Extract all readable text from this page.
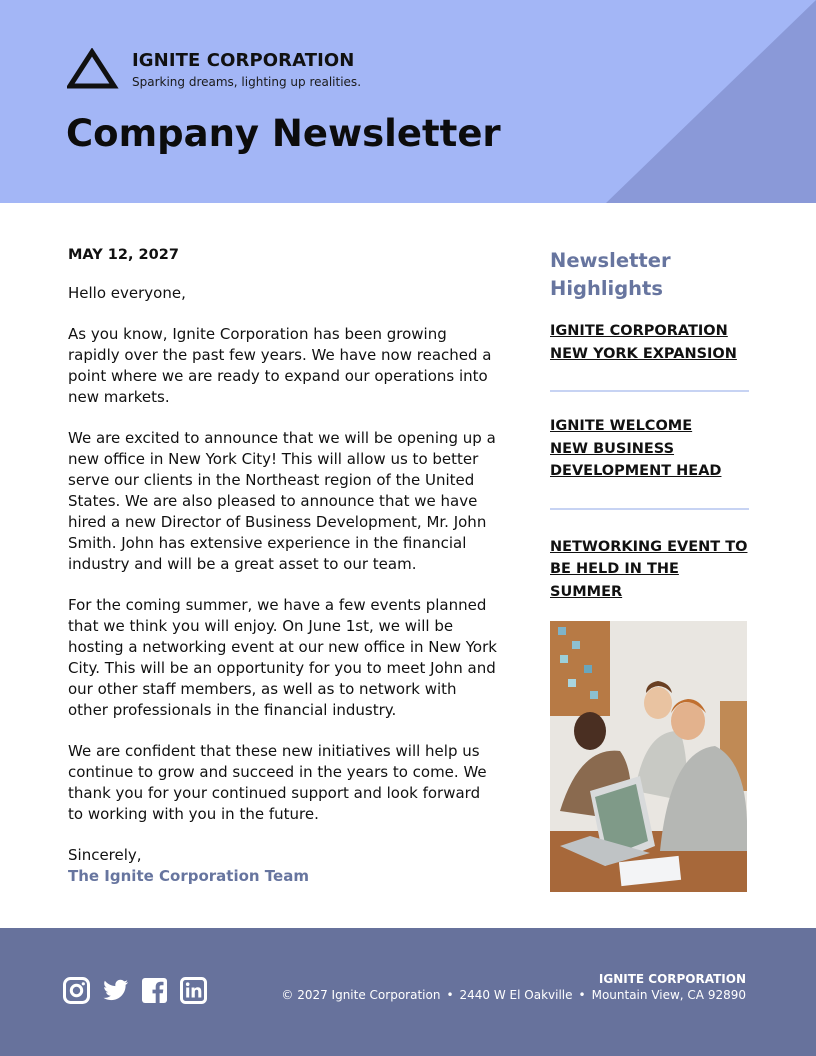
IGNITE CORPORATION
Sparking dreams, lighting up realities.
Company Newsletter
MAY 12, 2027

Hello everyone,

As you know, Ignite Corporation has been growing rapidly over the past few years. We have now reached a point where we are ready to expand our operations into new markets.

We are excited to announce that we will be opening up a new office in New York City! This will allow us to better serve our clients in the Northeast region of the United States. We are also pleased to announce that we have hired a new Director of Business Development, Mr. John Smith. John has extensive experience in the financial industry and will be a great asset to our team.

For the coming summer, we have a few events planned that we think you will enjoy. On June 1st, we will be hosting a networking event at our new office in New York City. This will be an opportunity for you to meet John and our other staff members, as well as to network with other professionals in the financial industry.

We are confident that these new initiatives will help us continue to grow and succeed in the years to come. We thank you for your continued support and look forward to working with you in the future.

Sincerely,
The Ignite Corporation Team
Newsletter Highlights
IGNITE CORPORATION
NEW YORK EXPANSION
IGNITE WELCOME
NEW BUSINESS
DEVELOPMENT HEAD
NETWORKING EVENT TO
BE HELD IN THE SUMMER
IGNITE CORPORATION
© 2027 Ignite Corporation • 2440 W El Oakville • Mountain View, CA 92890
